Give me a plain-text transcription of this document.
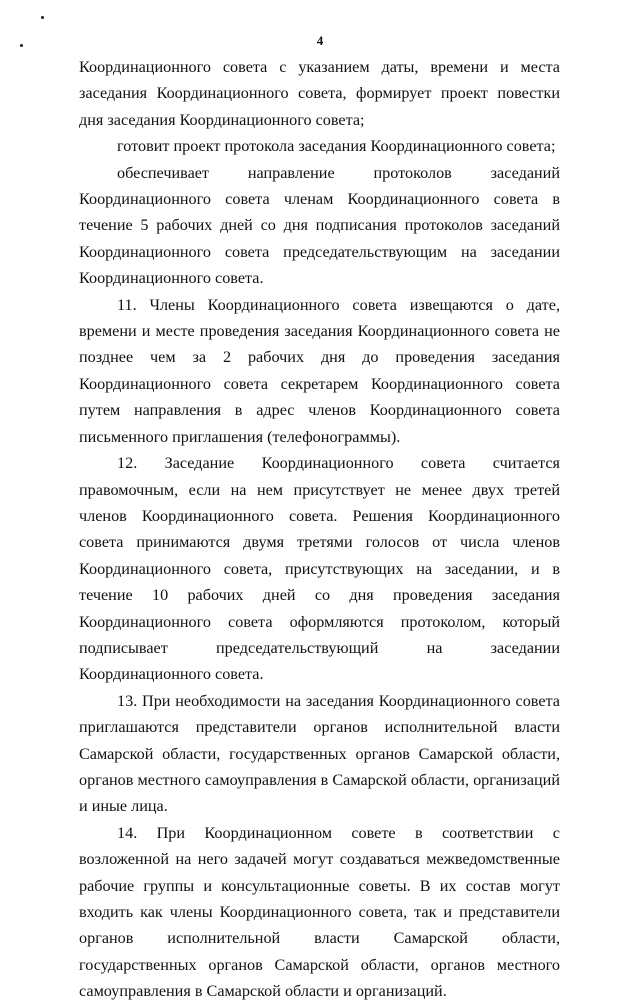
4

Координационного совета с указанием даты, времени и места заседания Координационного совета, формирует проект повестки дня заседания Координационного совета;

готовит проект протокола заседания Координационного совета;

обеспечивает направление протоколов заседаний Координационного совета членам Координационного совета в течение 5 рабочих дней со дня подписания протоколов заседаний Координационного совета председательствующим на заседании Координационного совета.

11. Члены Координационного совета извещаются о дате, времени и месте проведения заседания Координационного совета не позднее чем за 2 рабочих дня до проведения заседания Координационного совета секретарем Координационного совета путем направления в адрес членов Координационного совета письменного приглашения (телефонограммы).

12. Заседание Координационного совета считается правомочным, если на нем присутствует не менее двух третей членов Координационного совета. Решения Координационного совета принимаются двумя третями голосов от числа членов Координационного совета, присутствующих на заседании, и в течение 10 рабочих дней со дня проведения заседания Координационного совета оформляются протоколом, который подписывает председательствующий на заседании Координационного совета.

13. При необходимости на заседания Координационного совета приглашаются представители органов исполнительной власти Самарской области, государственных органов Самарской области, органов местного самоуправления в Самарской области, организаций и иные лица.

14. При Координационном совете в соответствии с возложенной на него задачей могут создаваться межведомственные рабочие группы и консультационные советы. В их состав могут входить как члены Координационного совета, так и представители органов исполнительной власти Самарской области, государственных органов Самарской области, органов местного самоуправления в Самарской области и организаций.
